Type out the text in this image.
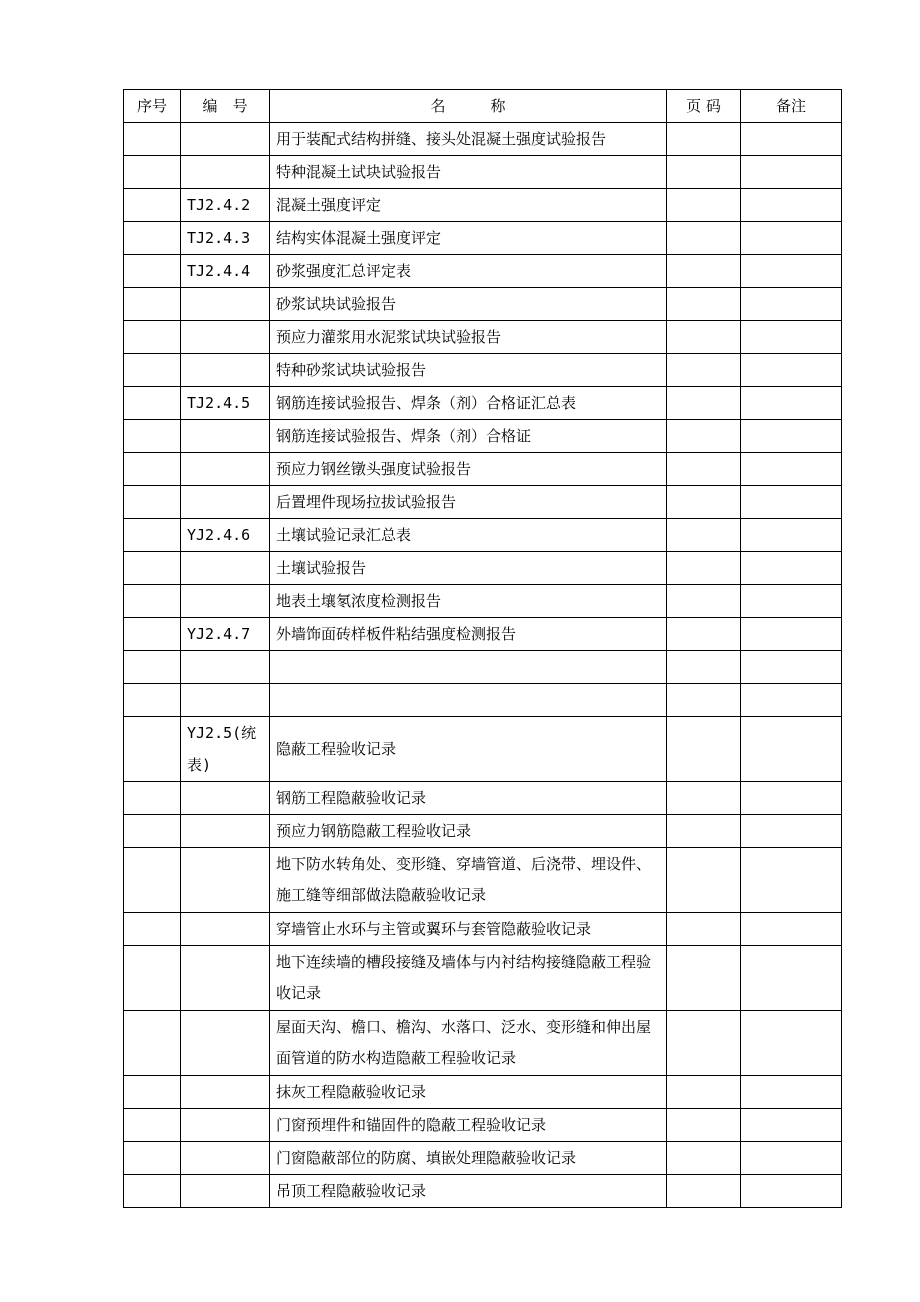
序号	编　号	名　　　称	页 码	备注
		用于装配式结构拼缝、接头处混凝土强度试验报告		
		特种混凝土试块试验报告		
	TJ2.4.2	混凝土强度评定		
	TJ2.4.3	结构实体混凝土强度评定		
	TJ2.4.4	砂浆强度汇总评定表		
		砂浆试块试验报告		
		预应力灌浆用水泥浆试块试验报告		
		特种砂浆试块试验报告		
	TJ2.4.5	钢筋连接试验报告、焊条（剂）合格证汇总表		
		钢筋连接试验报告、焊条（剂）合格证		
		预应力钢丝镦头强度试验报告		
		后置埋件现场拉拔试验报告		
	YJ2.4.6	土壤试验记录汇总表		
		土壤试验报告		
		地表土壤氡浓度检测报告		
	YJ2.4.7	外墙饰面砖样板件粘结强度检测报告		

	YJ2.5(统表)	隐蔽工程验收记录		
		钢筋工程隐蔽验收记录		
		预应力钢筋隐蔽工程验收记录		
		地下防水转角处、变形缝、穿墙管道、后浇带、埋设件、施工缝等细部做法隐蔽验收记录		
		穿墙管止水环与主管或翼环与套管隐蔽验收记录		
		地下连续墙的槽段接缝及墙体与内衬结构接缝隐蔽工程验收记录		
		屋面天沟、檐口、檐沟、水落口、泛水、变形缝和伸出屋面管道的防水构造隐蔽工程验收记录		
		抹灰工程隐蔽验收记录		
		门窗预埋件和锚固件的隐蔽工程验收记录		
		门窗隐蔽部位的防腐、填嵌处理隐蔽验收记录		
		吊顶工程隐蔽验收记录		
